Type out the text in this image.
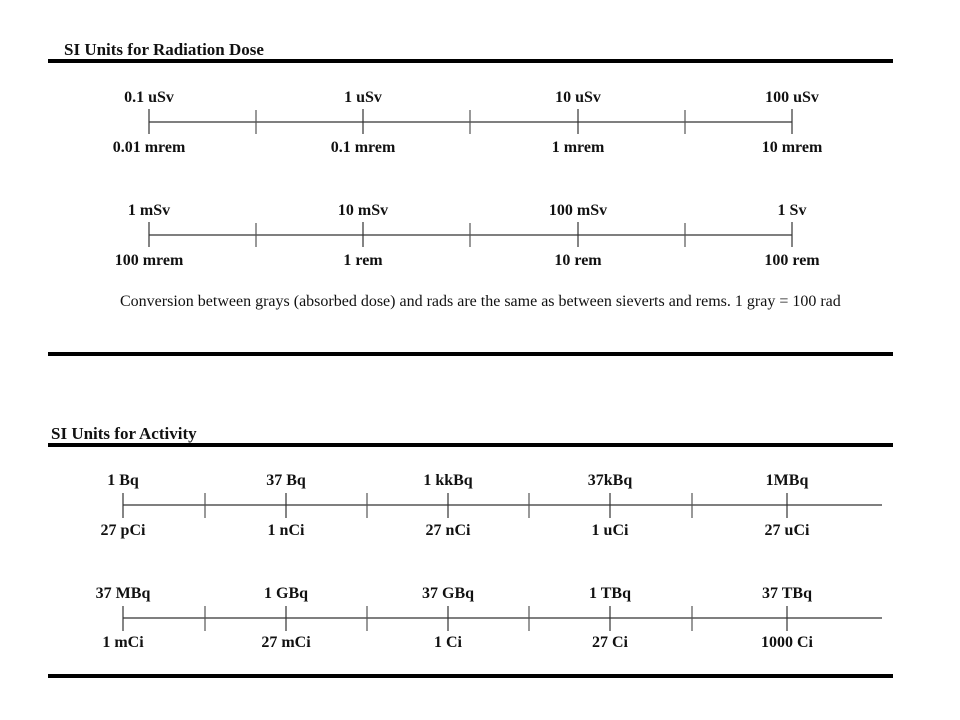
SI Units for Radiation Dose
0.1 uSv	1 uSv	10 uSv	100 uSv
0.01 mrem	0.1 mrem	1 mrem	10 mrem
1 mSv	10 mSv	100 mSv	1 Sv
100 mrem	1 rem	10 rem	100 rem

Conversion between grays (absorbed dose) and rads are the same as between sieverts and rems. 1 gray = 100 rad

SI Units for Activity
1 Bq	37 Bq	1 kkBq	37kBq	1MBq
27 pCi	1 nCi	27 nCi	1 uCi	27 uCi
37 MBq	1 GBq	37 GBq	1 TBq	37 TBq
1 mCi	27 mCi	1 Ci	27 Ci	1000 Ci
